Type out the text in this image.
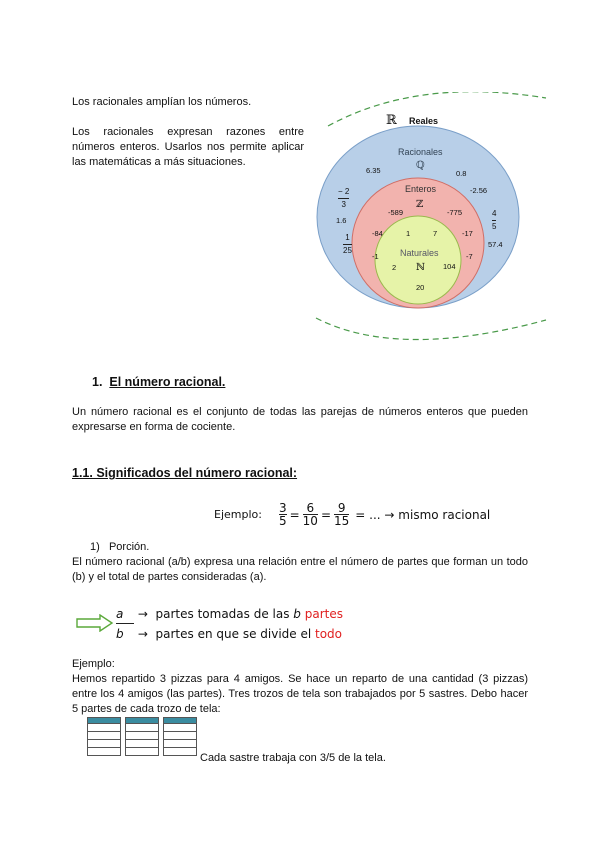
Los racionales amplían los números.
Los racionales expresan razones entre números enteros. Usarlos nos permite aplicar las matemáticas a más situaciones.
ℝ Reales
Racionales
ℚ
6.35	0.8
-2.56
1.6
57.4
− 2
3
4
5
1
25
Enteros
ℤ
-589	-775
-84	-17
-1	-7
1	7
Naturales
2 ℕ 104
20
1. El número racional.
Un número racional es el conjunto de todas las parejas de números enteros que pueden expresarse en forma de cociente.
1.1. Significados del número racional:
Ejemplo: $\frac{3}{5} = \frac{6}{10} = \frac{9}{15}$ = ... → mismo racional
1) Porción.
El número racional (a/b) expresa una relación entre el número de partes que forman un todo (b) y el total de partes consideradas (a).
a → partes tomadas de las b partes
b → partes en que se divide el todo
Ejemplo:
Hemos repartido 3 pizzas para 4 amigos. Se hace un reparto de una cantidad (3 pizzas) entre los 4 amigos (las partes). Tres trozos de tela son trabajados por 5 sastres. Debo hacer 5 partes de cada trozo de tela:

Cada sastre trabaja con 3/5 de la tela.
